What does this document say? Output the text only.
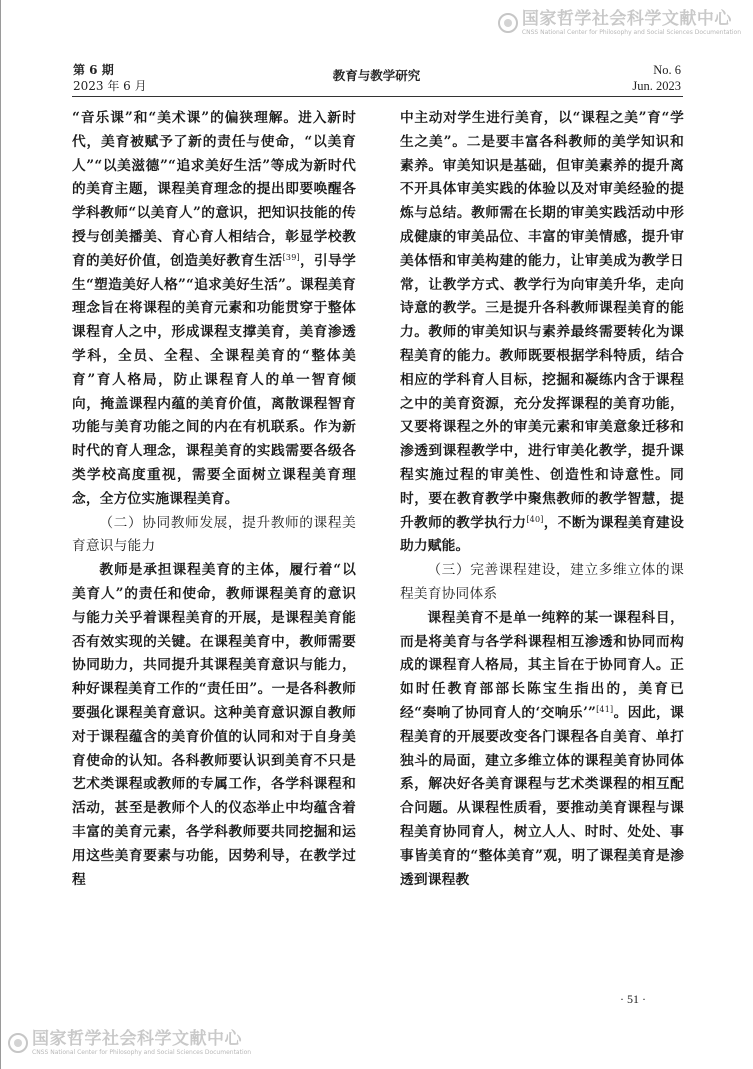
国家哲学社会科学文献中心
CNSS National Center for Philosophy and Social Sciences Documentation
第 6 期
2023 年 6 月
教育与教学研究	No. 6
Jun. 2023

“音乐课”和“美术课”的偏狭理解。进入新时代，美育被赋予了新的责任与使命，“以美育人”“以美滋德”“追求美好生活”等成为新时代的美育主题，课程美育理念的提出即要唤醒各学科教师“以美育人”的意识，把知识技能的传授与创美播美、育心育人相结合，彰显学校教育的美好价值，创造美好教育生活[39]，引导学生“塑造美好人格”“追求美好生活”。课程美育理念旨在将课程的美育元素和功能贯穿于整体课程育人之中，形成课程支撑美育，美育渗透学科，全员、全程、全课程美育的“整体美育”育人格局，防止课程育人的单一智育倾向，掩盖课程内蕴的美育价值，离散课程智育功能与美育功能之间的内在有机联系。作为新时代的育人理念，课程美育的实践需要各级各类学校高度重视，需要全面树立课程美育理念，全方位实施课程美育。

（二）协同教师发展，提升教师的课程美育意识与能力

教师是承担课程美育的主体，履行着“以美育人”的责任和使命，教师课程美育的意识与能力关乎着课程美育的开展，是课程美育能否有效实现的关键。在课程美育中，教师需要协同助力，共同提升其课程美育意识与能力，种好课程美育工作的“责任田”。一是各科教师要强化课程美育意识。这种美育意识源自教师对于课程蕴含的美育价值的认同和对于自身美育使命的认知。各科教师要认识到美育不只是艺术类课程或教师的专属工作，各学科课程和活动，甚至是教师个人的仪态举止中均蕴含着丰富的美育元素，各学科教师要共同挖掘和运用这些美育要素与功能，因势利导，在教学过程

中主动对学生进行美育，以“课程之美”育“学生之美”。二是要丰富各科教师的美学知识和素养。审美知识是基础，但审美素养的提升离不开具体审美实践的体验以及对审美经验的提炼与总结。教师需在长期的审美实践活动中形成健康的审美品位、丰富的审美情感，提升审美体悟和审美构建的能力，让审美成为教学日常，让教学方式、教学行为向审美升华，走向诗意的教学。三是提升各科教师课程美育的能力。教师的审美知识与素养最终需要转化为课程美育的能力。教师既要根据学科特质，结合相应的学科育人目标，挖掘和凝练内含于课程之中的美育资源，充分发挥课程的美育功能，又要将课程之外的审美元素和审美意象迁移和渗透到课程教学中，进行审美化教学，提升课程实施过程的审美性、创造性和诗意性。同时，要在教育教学中聚焦教师的教学智慧，提升教师的教学执行力[40]，不断为课程美育建设助力赋能。

（三）完善课程建设，建立多维立体的课程美育协同体系

课程美育不是单一纯粹的某一课程科目，而是将美育与各学科课程相互渗透和协同而构成的课程育人格局，其主旨在于协同育人。正如时任教育部部长陈宝生指出的，美育已经“奏响了协同育人的‘交响乐’”[41]。因此，课程美育的开展要改变各门课程各自美育、单打独斗的局面，建立多维立体的课程美育协同体系，解决好各美育课程与艺术类课程的相互配合问题。从课程性质看，要推动美育课程与课程美育协同育人，树立人人、时时、处处、事事皆美育的“整体美育”观，明了课程美育是渗透到课程教

· 51 ·
国家哲学社会科学文献中心
CNSS National Center for Philosophy and Social Sciences Documentation
